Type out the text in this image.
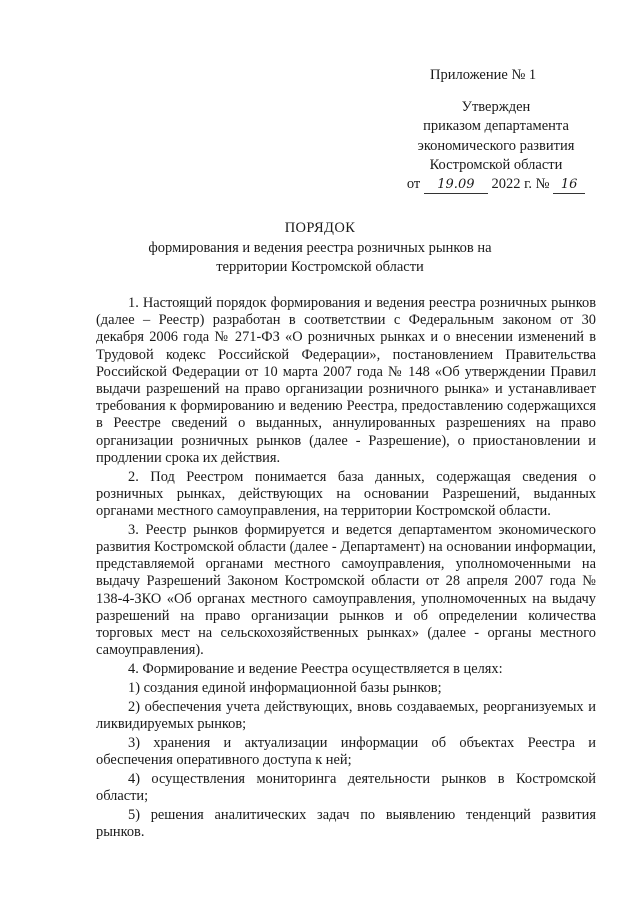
Приложение № 1
Утвержден
приказом департамента
экономического развития
Костромской области
от 19.09 2022 г. № 16
ПОРЯДОК
формирования и ведения реестра розничных рынков на
территории Костромской области

1. Настоящий порядок формирования и ведения реестра розничных рынков (далее – Реестр) разработан в соответствии с Федеральным законом от 30 декабря 2006 года № 271-ФЗ «О розничных рынках и о внесении изменений в Трудовой кодекс Российской Федерации», постановлением Правительства Российской Федерации от 10 марта 2007 года № 148 «Об утверждении Правил выдачи разрешений на право организации розничного рынка» и устанавливает требования к формированию и ведению Реестра, предоставлению содержащихся в Реестре сведений о выданных, аннулированных разрешениях на право организации розничных рынков (далее - Разрешение), о приостановлении и продлении срока их действия.

2. Под Реестром понимается база данных, содержащая сведения о розничных рынках, действующих на основании Разрешений, выданных органами местного самоуправления, на территории Костромской области.

3. Реестр рынков формируется и ведется департаментом экономического развития Костромской области (далее - Департамент) на основании информации, представляемой органами местного самоуправления, уполномоченными на выдачу Разрешений Законом Костромской области от 28 апреля 2007 года № 138-4-ЗКО «Об органах местного самоуправления, уполномоченных на выдачу разрешений на право организации рынков и об определении количества торговых мест на сельскохозяйственных рынках» (далее - органы местного самоуправления).

4. Формирование и ведение Реестра осуществляется в целях:

1) создания единой информационной базы рынков;

2) обеспечения учета действующих, вновь создаваемых, реорганизуемых и ликвидируемых рынков;

3) хранения и актуализации информации об объектах Реестра и обеспечения оперативного доступа к ней;

4) осуществления мониторинга деятельности рынков в Костромской области;

5) решения аналитических задач по выявлению тенденций развития рынков.
